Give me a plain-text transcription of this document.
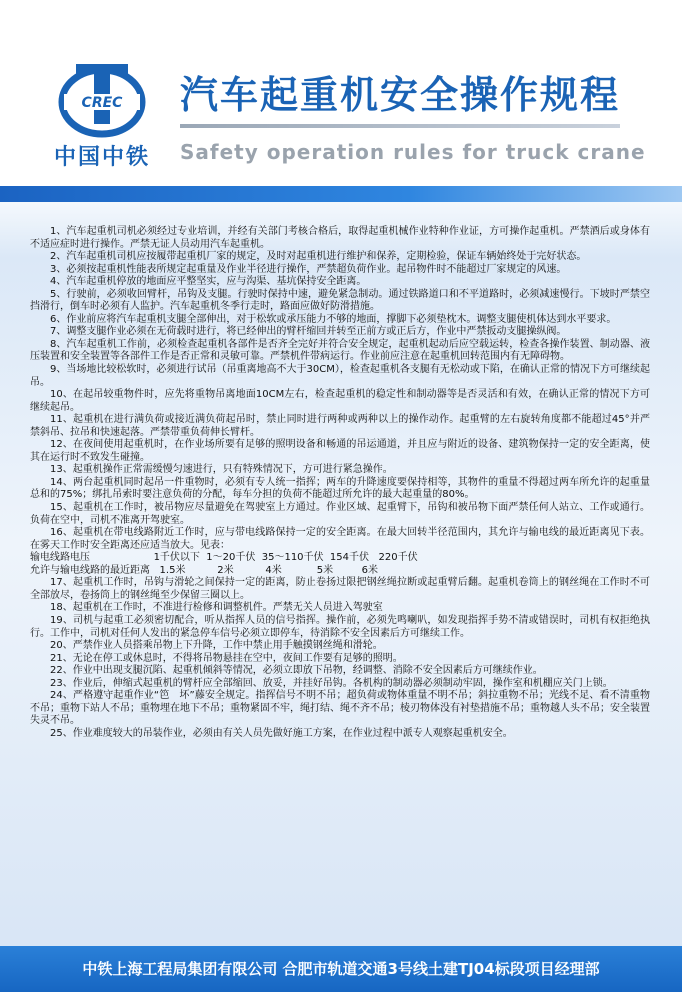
CREC
中国中铁
汽车起重机安全操作规程
Safety operation rules for truck crane

1、汽车起重机司机必须经过专业培训，并经有关部门考核合格后，取得起重机械作业特种作业证，方可操作起重机。严禁酒后或身体有不适应症时进行操作。严禁无证人员动用汽车起重机。

2、汽车起重机司机应按履带起重机厂家的规定，及时对起重机进行维护和保养，定期检验，保证车辆始终处于完好状态。

3、必须按起重机性能表所规定起重量及作业半径进行操作，严禁超负荷作业。起吊物件时不能超过厂家规定的风速。

4、汽车起重机停放的地面应平整坚实，应与沟渠、基坑保持安全距离。

5、行驶前，必须收回臂杆，吊钩及支腿。行驶时保持中速，避免紧急制动。通过铁路道口和不平道路时，必须减速慢行。下坡时严禁空挡滑行，倒车时必须有人监护。汽车起重机冬季行走时，路面应做好防滑措施。

6、作业前应将汽车起重机支腿全部伸出，对于松软或承压能力不够的地面，撑脚下必须垫枕木。调整支腿使机体达到水平要求。

7、调整支腿作业必须在无荷载时进行，将已经伸出的臂杆缩回并转至正前方或正后方，作业中严禁扳动支腿操纵阀。

8、汽车起重机工作前，必须检查起重机各部件是否齐全完好并符合安全规定，起重机起动后应空载运转，检查各操作装置、制动器、液压装置和安全装置等各部件工作是否正常和灵敏可靠。严禁机件带病运行。作业前应注意在起重机回转范围内有无障碍物。

9、当场地比较松软时，必须进行试吊（吊重离地高不大于30CM），检查起重机各支腿有无松动或下陷，在确认正常的情况下方可继续起吊。

10、在起吊较重物件时，应先将重物吊离地面10CM左右，检查起重机的稳定性和制动器等是否灵活和有效，在确认正常的情况下方可继续起吊。

11、起重机在进行满负荷或接近满负荷起吊时，禁止同时进行两种或两种以上的操作动作。起重臂的左右旋转角度都不能超过45°并严禁斜吊、拉吊和快速起落。严禁带重负荷伸长臂杆。

12、在夜间使用起重机时，在作业场所要有足够的照明设备和畅通的吊运通道，并且应与附近的设备、建筑物保持一定的安全距离，使其在运行时不致发生碰撞。

13、起重机操作正常需缓慢匀速进行，只有特殊情况下，方可进行紧急操作。

14、两台起重机同时起吊一件重物时，必须有专人统一指挥；两车的升降速度要保持相等，其物件的重量不得超过两车所允许的起重量总和的75%；绑扎吊索时要注意负荷的分配，每车分担的负荷不能超过所允许的最大起重量的80%。

15、起重机在工作时，被吊物应尽量避免在驾驶室上方通过。作业区域、起重臂下，吊钩和被吊物下面严禁任何人站立、工作或通行。负荷在空中，司机不准离开驾驶室。

16、起重机在带电线路附近工作时，应与带电线路保持一定的安全距离。在最大回转半径范围内，其允许与输电线的最近距离见下表。在雾天工作时安全距离还应适当放大。见表：

输电线路电压                    1千伏以下  1～20千伏  35～110千伏  154千伏   220千伏

允许与输电线路的最近距离   1.5米          2米          4米           5米         6米

17、起重机工作时，吊钩与滑轮之间保持一定的距离，防止卷扬过限把钢丝绳拉断或起重臂后翻。起重机卷筒上的钢丝绳在工作时不可全部放尽，卷扬筒上的钢丝绳至少保留三圈以上。

18、起重机在工作时，不准进行检修和调整机件。严禁无关人员进入驾驶室

19、司机与起重工必须密切配合，听从指挥人员的信号指挥。操作前，必须先鸣喇叭，如发现指挥手势不清或错误时，司机有权拒绝执行。工作中，司机对任何人发出的紧急停车信号必须立即停车，待消除不安全因素后方可继续工作。

20、严禁作业人员搭乘吊物上下升降，工作中禁止用手触摸钢丝绳和滑轮。

21、无论在停工或休息时，不得将吊物悬挂在空中，夜间工作要有足够的照明。

22、作业中出现支腿沉陷、起重机倾斜等情况，必须立即放下吊物，经调整、消除不安全因素后方可继续作业。

23、作业后，伸缩式起重机的臂杆应全部缩回、放妥，并挂好吊钩。各机构的制动器必须制动牢固，操作室和机棚应关门上锁。

24、严格遵守起重作业“笆　坏”藤安全规定。指挥信号不明不吊；超负荷或物体重量不明不吊；斜拉重物不吊；光线不足、看不清重物不吊；重物下站人不吊；重物埋在地下不吊；重物紧固不牢，绳打结、绳不齐不吊；棱刃物体没有衬垫措施不吊；重物越人头不吊；安全装置失灵不吊。

25、作业难度较大的吊装作业，必须由有关人员先做好施工方案，在作业过程中派专人观察起重机安全。

中铁上海工程局集团有限公司 合肥市轨道交通3号线土建TJ04标段项目经理部
